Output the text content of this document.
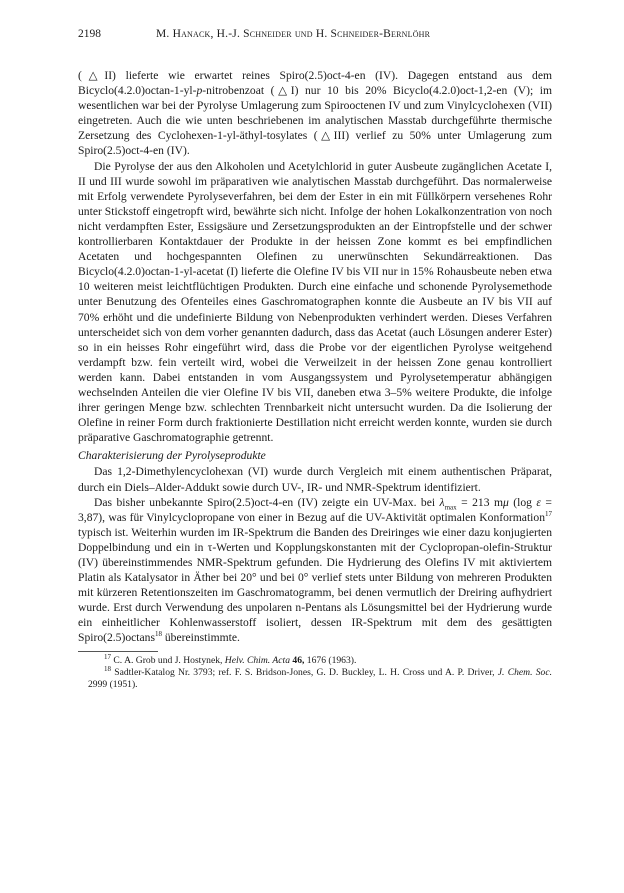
2198	M. Hanack, H.-J. Schneider und H. Schneider-Bernlöhr

(△II) lieferte wie erwartet reines Spiro(2.5)oct-4-en (IV). Dagegen entstand aus dem Bicyclo(4.2.0)octan-1-yl-p-nitrobenzoat (△I) nur 10 bis 20% Bicyclo(4.2.0)oct-1,2-en (V); im wesentlichen war bei der Pyrolyse Umlagerung zum Spirooctenen IV und zum Vinylcyclohexen (VII) eingetreten. Auch die wie unten beschriebenen im analytischen Masstab durchgeführte thermische Zersetzung des Cyclohexen-1-yl-äthyl-tosylates (△III) verlief zu 50% unter Umlagerung zum Spiro(2.5)oct-4-en (IV).

Die Pyrolyse der aus den Alkoholen und Acetylchlorid in guter Ausbeute zugänglichen Acetate I, II und III wurde sowohl im präparativen wie analytischen Masstab durchgeführt. Das normalerweise mit Erfolg verwendete Pyrolyseverfahren, bei dem der Ester in ein mit Füllkörpern versehenes Rohr unter Stickstoff eingetropft wird, bewährte sich nicht. Infolge der hohen Lokalkonzentration von noch nicht verdampften Ester, Essigsäure und Zersetzungsprodukten an der Eintropfstelle und der schwer kontrollierbaren Kontaktdauer der Produkte in der heissen Zone kommt es bei empfindlichen Acetaten und hochgespannten Olefinen zu unerwünschten Sekundärreaktionen. Das Bicyclo(4.2.0)octan-1-yl-acetat (I) lieferte die Olefine IV bis VII nur in 15% Rohausbeute neben etwa 10 weiteren meist leichtflüchtigen Produkten. Durch eine einfache und schonende Pyrolysemethode unter Benutzung des Ofenteiles eines Gaschromatographen konnte die Ausbeute an IV bis VII auf 70% erhöht und die undefinierte Bildung von Nebenprodukten verhindert werden. Dieses Verfahren unterscheidet sich von dem vorher genannten dadurch, dass das Acetat (auch Lösungen anderer Ester) so in ein heisses Rohr eingeführt wird, dass die Probe vor der eigentlichen Pyrolyse weitgehend verdampft bzw. fein verteilt wird, wobei die Verweilzeit in der heissen Zone genau kontrolliert werden kann. Dabei entstanden in vom Ausgangssystem und Pyrolysetemperatur abhängigen wechselnden Anteilen die vier Olefine IV bis VII, daneben etwa 3–5% weitere Produkte, die infolge ihrer geringen Menge bzw. schlechten Trennbarkeit nicht untersucht wurden. Da die Isolierung der Olefine in reiner Form durch fraktionierte Destillation nicht erreicht werden konnte, wurden sie durch präparative Gaschromatographie getrennt.

Charakterisierung der Pyrolyseprodukte

Das 1,2-Dimethylencyclohexan (VI) wurde durch Vergleich mit einem authentischen Präparat, durch ein Diels–Alder-Addukt sowie durch UV-, IR- und NMR-Spektrum identifiziert.

Das bisher unbekannte Spiro(2.5)oct-4-en (IV) zeigte ein UV-Max. bei $\lambda_{max} = 213$ mμ (log ε = 3,87), was für Vinylcyclopropane von einer in Bezug auf die UV-Aktivität optimalen Konformation$^{17}$ typisch ist. Weiterhin wurden im IR-Spektrum die Banden des Dreiringes wie einer dazu konjugierten Doppelbindung und ein in τ-Werten und Kopplungskonstanten mit der Cyclopropan-olefin-Struktur (IV) übereinstimmendes NMR-Spektrum gefunden. Die Hydrierung des Olefins IV mit aktiviertem Platin als Katalysator in Äther bei 20° und bei 0° verlief stets unter Bildung von mehreren Produkten mit kürzeren Retentionszeiten im Gaschromatogramm, bei denen vermutlich der Dreiring aufhydriert wurde. Erst durch Verwendung des unpolaren n-Pentans als Lösungsmittel bei der Hydrierung wurde ein einheitlicher Kohlenwasserstoff isoliert, dessen IR-Spektrum mit dem des gesättigten Spiro(2.5)octans$^{18}$ übereinstimmte.

$^{17}$ C. A. Grob und J. Hostynek, Helv. Chim. Acta 46, 1676 (1963).

$^{18}$ Sadtler-Katalog Nr. 3793; ref. F. S. Bridson-Jones, G. D. Buckley, L. H. Cross und A. P. Driver, J. Chem. Soc. 2999 (1951).
